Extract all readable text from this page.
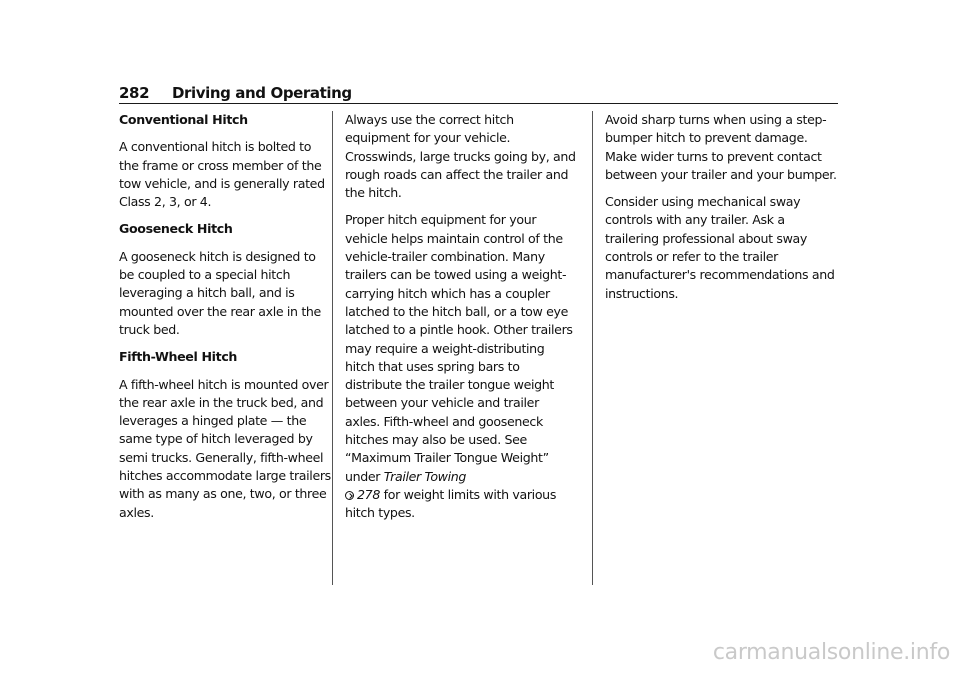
282 Driving and Operating

Conventional Hitch

A conventional hitch is bolted to the frame or cross member of the tow vehicle, and is generally rated Class 2, 3, or 4.

Gooseneck Hitch

A gooseneck hitch is designed to be coupled to a special hitch leveraging a hitch ball, and is mounted over the rear axle in the truck bed.

Fifth-Wheel Hitch

A fifth-wheel hitch is mounted over the rear axle in the truck bed, and leverages a hinged plate — the same type of hitch leveraged by semi trucks. Generally, fifth-wheel hitches accommodate large trailers with as many as one, two, or three axles.

Always use the correct hitch equipment for your vehicle. Crosswinds, large trucks going by, and rough roads can affect the trailer and the hitch.

Proper hitch equipment for your vehicle helps maintain control of the vehicle-trailer combination. Many trailers can be towed using a weight-carrying hitch which has a coupler latched to the hitch ball, or a tow eye latched to a pintle hook. Other trailers may require a weight-distributing hitch that uses spring bars to distribute the trailer tongue weight between your vehicle and trailer axles. Fifth-wheel and gooseneck hitches may also be used. See “Maximum Trailer Tongue Weight” under Trailer Towing
278 for weight limits with various hitch types.

Avoid sharp turns when using a step-bumper hitch to prevent damage. Make wider turns to prevent contact between your trailer and your bumper.

Consider using mechanical sway controls with any trailer. Ask a trailering professional about sway controls or refer to the trailer manufacturer's recommendations and instructions.

carmanualsonline.info
